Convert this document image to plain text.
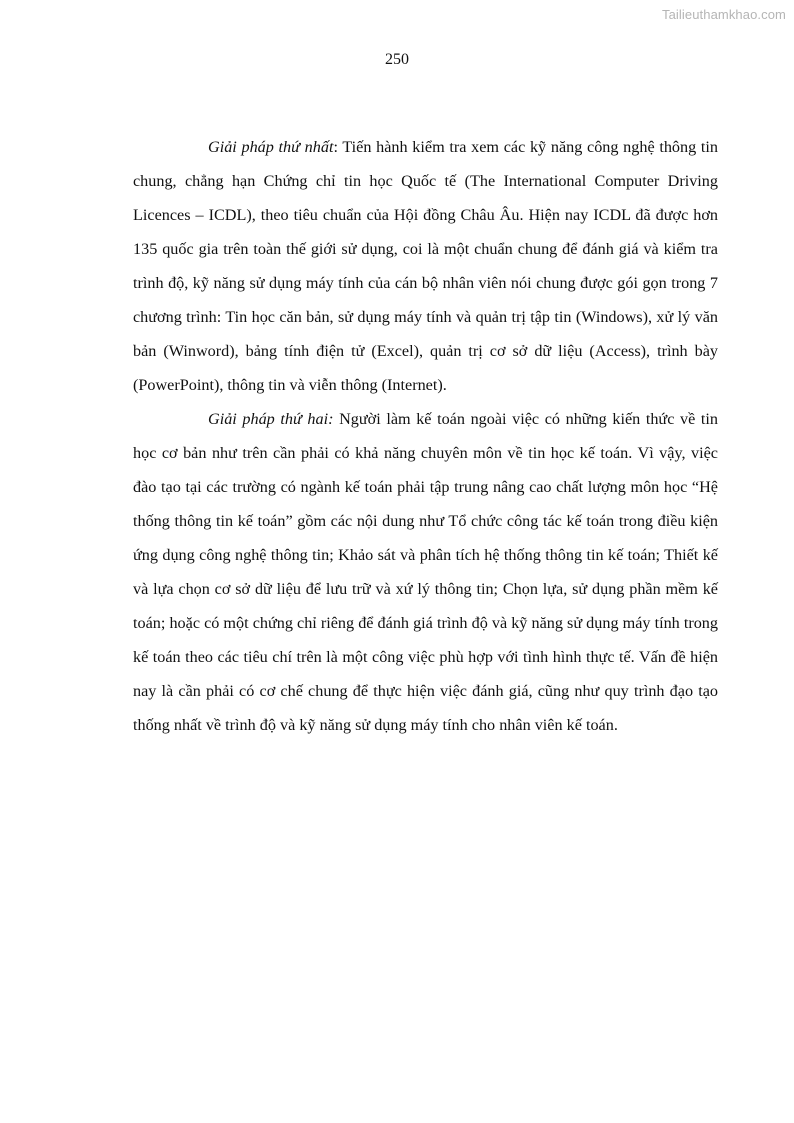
Tailieuthamkhao.com
250

Giải pháp thứ nhất: Tiến hành kiểm tra xem các kỹ năng công nghệ thông tin chung, chẳng hạn Chứng chỉ tin học Quốc tế (The International Computer Driving Licences – ICDL), theo tiêu chuẩn của Hội đồng Châu Âu. Hiện nay ICDL đã được hơn 135 quốc gia trên toàn thế giới sử dụng, coi là một chuẩn chung để đánh giá và kiểm tra trình độ, kỹ năng sử dụng máy tính của cán bộ nhân viên nói chung được gói gọn trong 7 chương trình: Tin học căn bản, sử dụng máy tính và quản trị tập tin (Windows), xử lý văn bản (Winword), bảng tính điện tử (Excel), quản trị cơ sở dữ liệu (Access), trình bày (PowerPoint), thông tin và viễn thông (Internet).

Giải pháp thứ hai: Người làm kế toán ngoài việc có những kiến thức về tin học cơ bản như trên cần phải có khả năng chuyên môn về tin học kế toán. Vì vậy, việc đào tạo tại các trường có ngành kế toán phải tập trung nâng cao chất lượng môn học “Hệ thống thông tin kế toán” gồm các nội dung như Tổ chức công tác kế toán trong điều kiện ứng dụng công nghệ thông tin; Khảo sát và phân tích hệ thống thông tin kế toán; Thiết kế và lựa chọn cơ sở dữ liệu để lưu trữ và xứ lý thông tin; Chọn lựa, sử dụng phần mềm kế toán; hoặc có một chứng chỉ riêng để đánh giá trình độ và kỹ năng sử dụng máy tính trong kế toán theo các tiêu chí trên là một công việc phù hợp với tình hình thực tế. Vấn đề hiện nay là cần phải có cơ chế chung để thực hiện việc đánh giá, cũng như quy trình đạo tạo thống nhất về trình độ và kỹ năng sử dụng máy tính cho nhân viên kế toán.
